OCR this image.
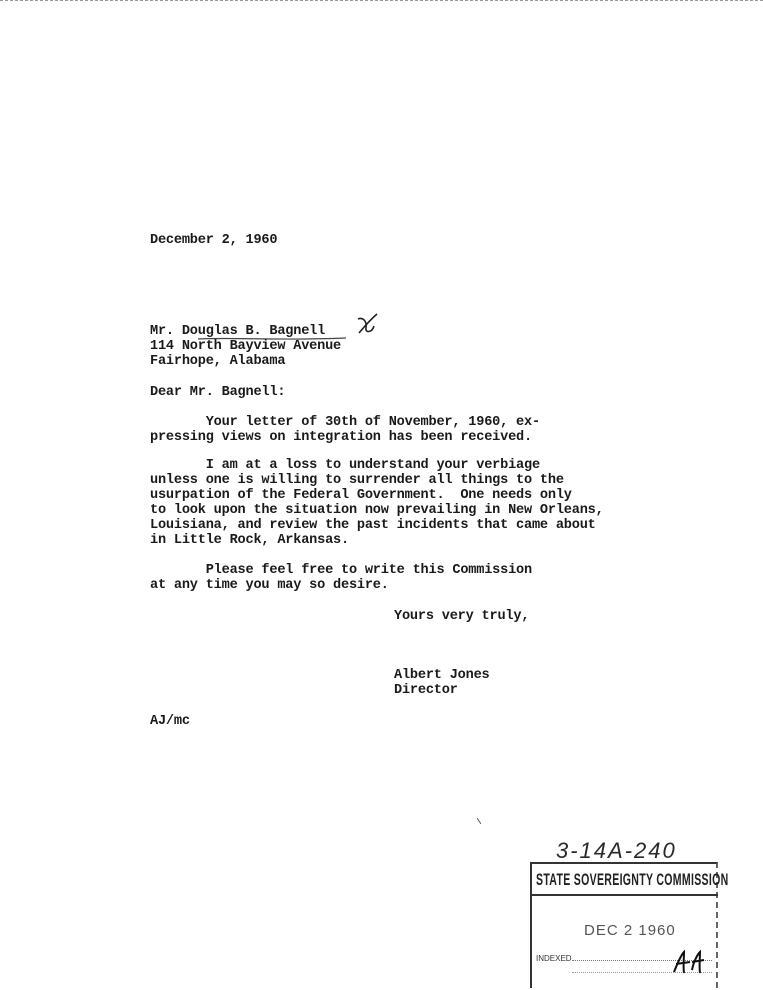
December 2, 1960
Mr. Douglas B. Bagnell
114 North Bayview Avenue
Fairhope, Alabama
Dear Mr. Bagnell:
Your letter of 30th of November, 1960, ex-
pressing views on integration has been received.
I am at a loss to understand your verbiage
unless one is willing to surrender all things to the
usurpation of the Federal Government.  One needs only
to look upon the situation now prevailing in New Orleans,
Louisiana, and review the past incidents that came about
in Little Rock, Arkansas.
Please feel free to write this Commission
at any time you may so desire.
Yours very truly,
Albert Jones
Director
AJ/mc
3-14A-240
STATE SOVEREIGNTY COMMISSION
DEC 2 1960
INDEXED
